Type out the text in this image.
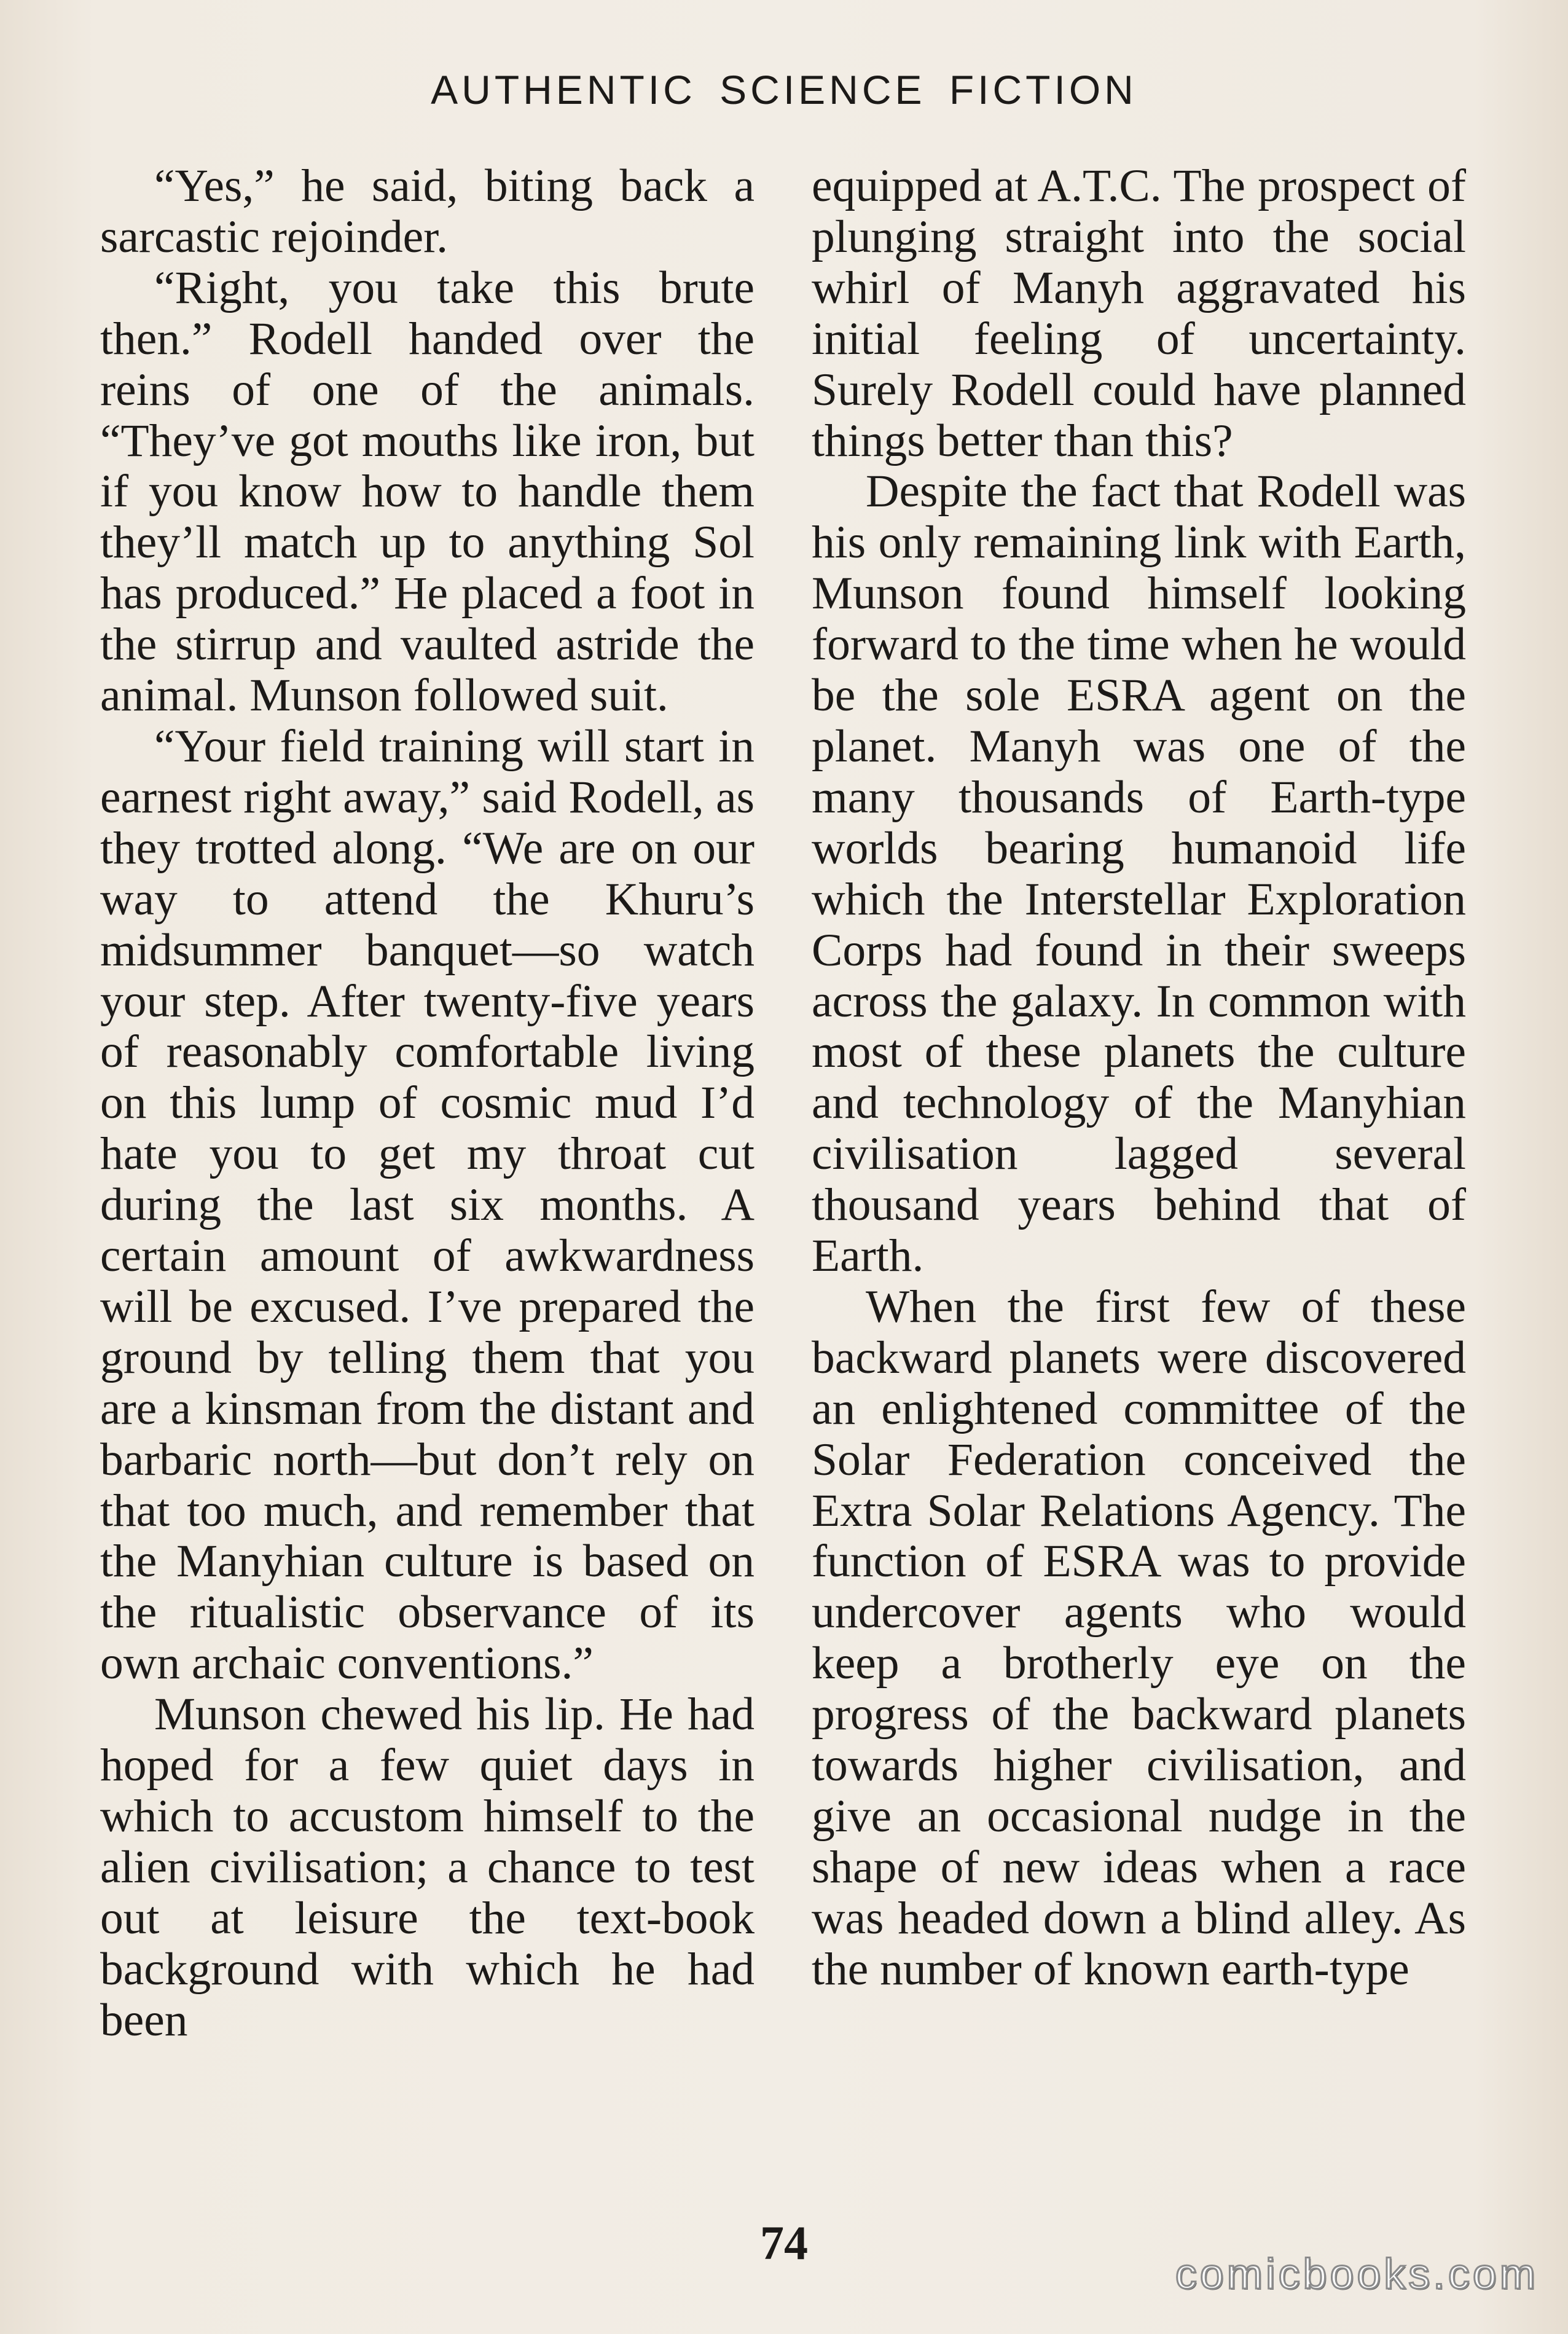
AUTHENTIC SCIENCE FICTION

“Yes,” he said, biting back a sarcastic rejoinder.

“Right, you take this brute then.” Rodell handed over the reins of one of the animals. “They’ve got mouths like iron, but if you know how to handle them they’ll match up to anything Sol has produced.” He placed a foot in the stirrup and vaulted astride the animal. Munson followed suit.

“Your field training will start in earnest right away,” said Rodell, as they trotted along. “We are on our way to attend the Khuru’s midsummer banquet—so watch your step. After twenty-five years of reasonably comfortable living on this lump of cosmic mud I’d hate you to get my throat cut during the last six months. A certain amount of awkwardness will be excused. I’ve prepared the ground by telling them that you are a kinsman from the distant and barbaric north—but don’t rely on that too much, and remember that the Manyhian culture is based on the ritualistic observance of its own archaic conventions.”

Munson chewed his lip. He had hoped for a few quiet days in which to accustom himself to the alien civilisation; a chance to test out at leisure the text-book background with which he had been

equipped at A.T.C. The prospect of plunging straight into the social whirl of Manyh aggravated his initial feeling of uncertainty. Surely Rodell could have planned things better than this?

Despite the fact that Rodell was his only remaining link with Earth, Munson found himself looking forward to the time when he would be the sole ESRA agent on the planet. Manyh was one of the many thousands of Earth-type worlds bearing humanoid life which the Interstellar Exploration Corps had found in their sweeps across the galaxy. In common with most of these planets the culture and technology of the Manyhian civilisation lagged several thousand years behind that of Earth.

When the first few of these backward planets were discovered an enlightened committee of the Solar Federation conceived the Extra Solar Relations Agency. The function of ESRA was to provide undercover agents who would keep a brotherly eye on the progress of the backward planets towards higher civilisation, and give an occasional nudge in the shape of new ideas when a race was headed down a blind alley. As the number of known earth-type

74
comicbooks.com
